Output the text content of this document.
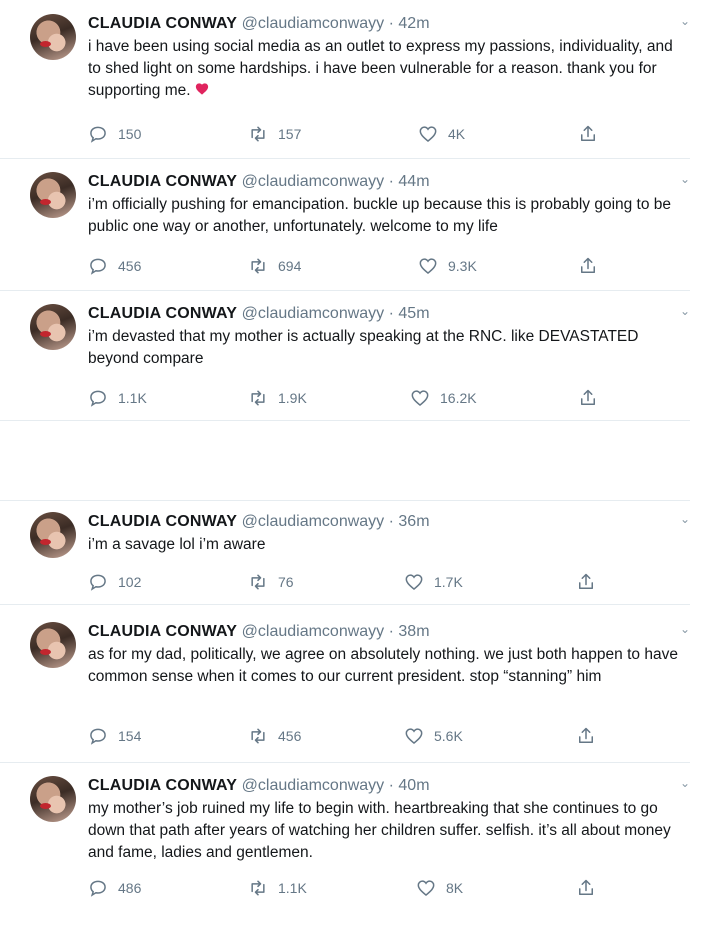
CLAUDIA CONWAY @claudiamconwayy · 42m	⌄
i have been using social media as an outlet to express my passions, individuality, and to shed light on some hardships. i have been vulnerable for a reason. thank you for supporting me.
150	157	4K
CLAUDIA CONWAY @claudiamconwayy · 44m	⌄
i’m officially pushing for emancipation. buckle up because this is probably going to be public one way or another, unfortunately. welcome to my life
456	694	9.3K
CLAUDIA CONWAY @claudiamconwayy · 45m	⌄
i’m devasted that my mother is actually speaking at the RNC. like DEVASTATED beyond compare
1.1K	1.9K	16.2K
CLAUDIA CONWAY @claudiamconwayy · 36m	⌄
i’m a savage lol i’m aware
102	76	1.7K
CLAUDIA CONWAY @claudiamconwayy · 38m	⌄
as for my dad, politically, we agree on absolutely nothing. we just both happen to have common sense when it comes to our current president. stop “stanning” him
154	456	5.6K
CLAUDIA CONWAY @claudiamconwayy · 40m	⌄
my mother’s job ruined my life to begin with. heartbreaking that she continues to go down that path after years of watching her children suffer. selfish. it’s all about money and fame, ladies and gentlemen.
486	1.1K	8K
